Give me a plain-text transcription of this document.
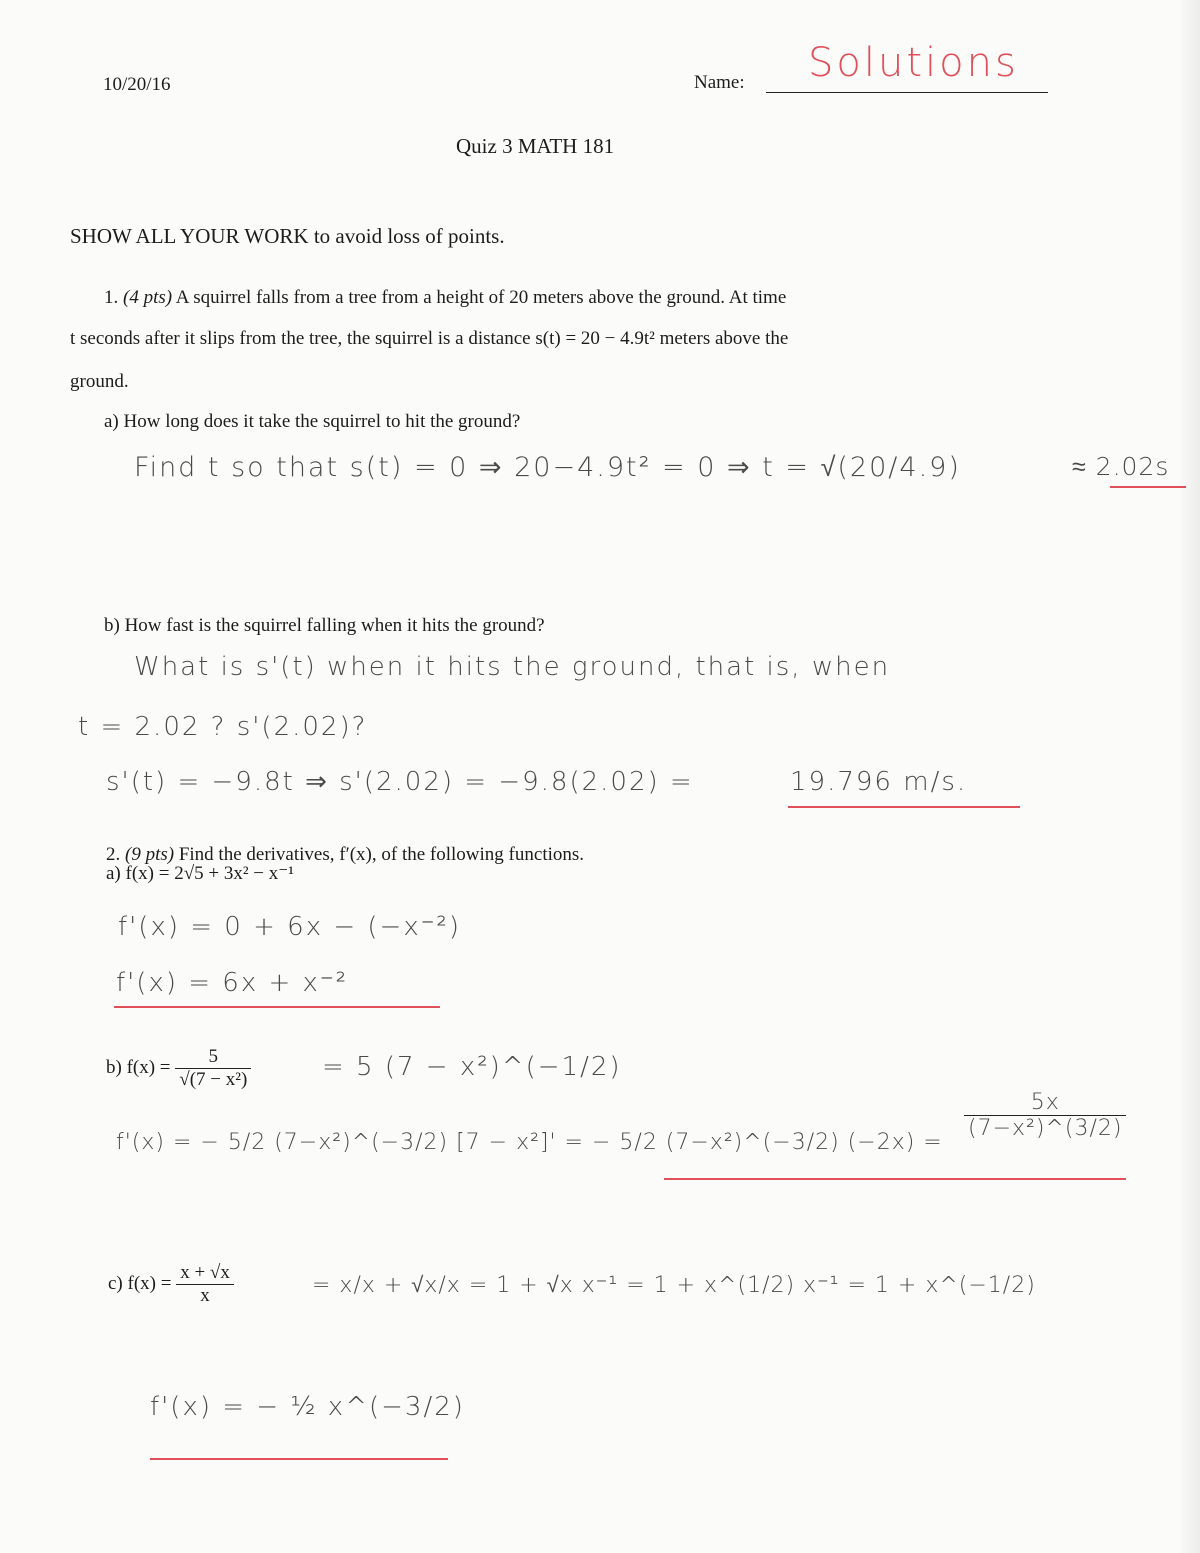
10/20/16	Name: Solutions
Quiz 3 MATH 181
SHOW ALL YOUR WORK to avoid loss of points.
1. (4 pts) A squirrel falls from a tree from a height of 20 meters above the ground. At time
t seconds after it slips from the tree, the squirrel is a distance s(t) = 20 − 4.9t² meters above the
ground.
a) How long does it take the squirrel to hit the ground?
Find t so that s(t) = 0 ⇒ 20−4.9t² = 0 ⇒ t = √(20/4.9)	≈ 2.02s
b) How fast is the squirrel falling when it hits the ground?
What is s'(t) when it hits the ground, that is, when
t = 2.02 ? s'(2.02)?
s'(t) = −9.8t ⇒ s'(2.02) = −9.8(2.02) =	19.796 m/s.
2. (9 pts) Find the derivatives, f′(x), of the following functions.
a) f(x) = 2√5 + 3x² − x⁻¹
f'(x) = 0 + 6x − (−x⁻²)
f'(x) = 6x + x⁻²
b) $f(x) = \frac{5}{\text{√(7 − x²)}}$	= 5 (7 − x²)^(−1/2)
f'(x) = − 5/2 (7−x²)^(−3/2) [7 − x²]' = − 5/2 (7−x²)^(−3/2) (−2x) =
$\frac{5x}{\text{(7−x²)\textasciicircum{}(3/2)}}$
c) $f(x) = \frac{x + √x}{x}$	= x/x + √x/x = 1 + √x x⁻¹ = 1 + x^(1/2) x⁻¹ = 1 + x^(−1/2)
f'(x) = − ½ x^(−3/2)
